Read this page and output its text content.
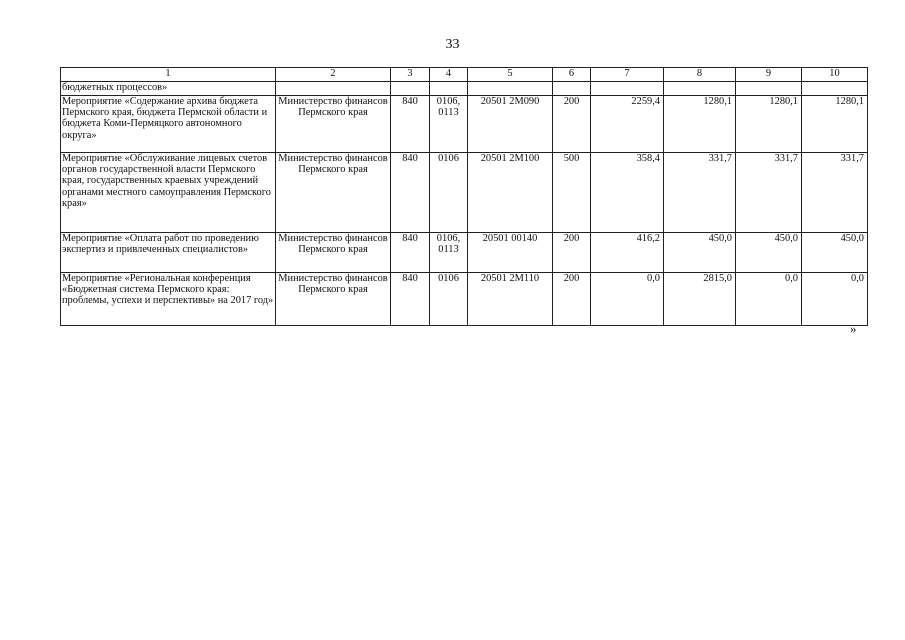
33
1	2	3	4	5	6	7	8	9	10
бюджетных процессов»									
Мероприятие «Содержание архива бюджета Пермского края, бюджета Пермской области и бюджета Коми-Пермяцкого автономного округа»	Министерство финансов Пермского края	840	0106, 0113	20501 2М090	200	2259,4	1280,1	1280,1	1280,1
Мероприятие «Обслуживание лицевых счетов органов государственной власти Пермского края, государственных краевых учреждений органами местного самоуправления Пермского края»	Министерство финансов Пермского края	840	0106	20501 2М100	500	358,4	331,7	331,7	331,7
Мероприятие «Оплата работ по проведению экспертиз и привлеченных специалистов»	Министерство финансов Пермского края	840	0106, 0113	20501 00140	200	416,2	450,0	450,0	450,0
Мероприятие «Региональная конференция «Бюджетная система Пермского края: проблемы, успехи и перспективы» на 2017 год»	Министерство финансов Пермского края	840	0106	20501 2М110	200	0,0	2815,0	0,0	0,0
»
